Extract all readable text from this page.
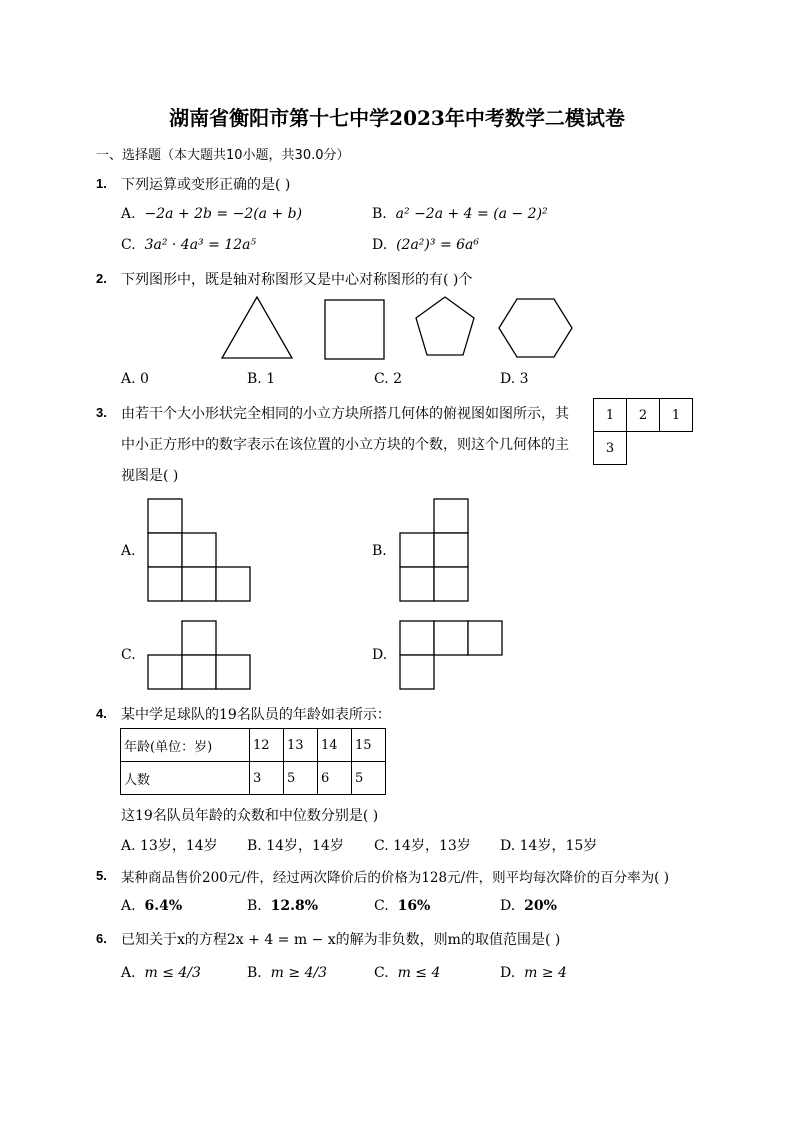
湖南省衡阳市第十七中学2023年中考数学二模试卷
一、选择题（本大题共10小题，共30.0分）
1. 下列运算或变形正确的是( )
A. −2a + 2b = −2(a + b)	B. a² −2a + 4 = (a − 2)²
C. 3a² · 4a³ = 12a⁵	D. (2a²)³ = 6a⁶
2. 下列图形中，既是轴对称图形又是中心对称图形的有( )个
A. 0	B. 1	C. 2	D. 3
3. 由若干个大小形状完全相同的小立方块所搭几何体的俯视图如图所示，其
中小正方形中的数字表示在该位置的小立方块的个数，则这个几何体的主
视图是( )
1	2	1
3		
A.	B.
C.	D.
4. 某中学足球队的19名队员的年龄如表所示：
年龄(单位：岁)	12	13	14	15
人数	3	5	6	5
这19名队员年龄的众数和中位数分别是( )
A. 13岁，14岁 B. 14岁，14岁 C. 14岁，13岁 D. 14岁，15岁
5. 某种商品售价200元/件，经过两次降价后的价格为128元/件，则平均每次降价的百分率为( )
A. 6.4%	B. 12.8%	C. 16%	D. 20%
6. 已知关于x的方程2x + 4 = m − x的解为非负数，则m的取值范围是( )
A. m ≤ 4/3	B. m ≥ 4/3	C. m ≤ 4	D. m ≥ 4
